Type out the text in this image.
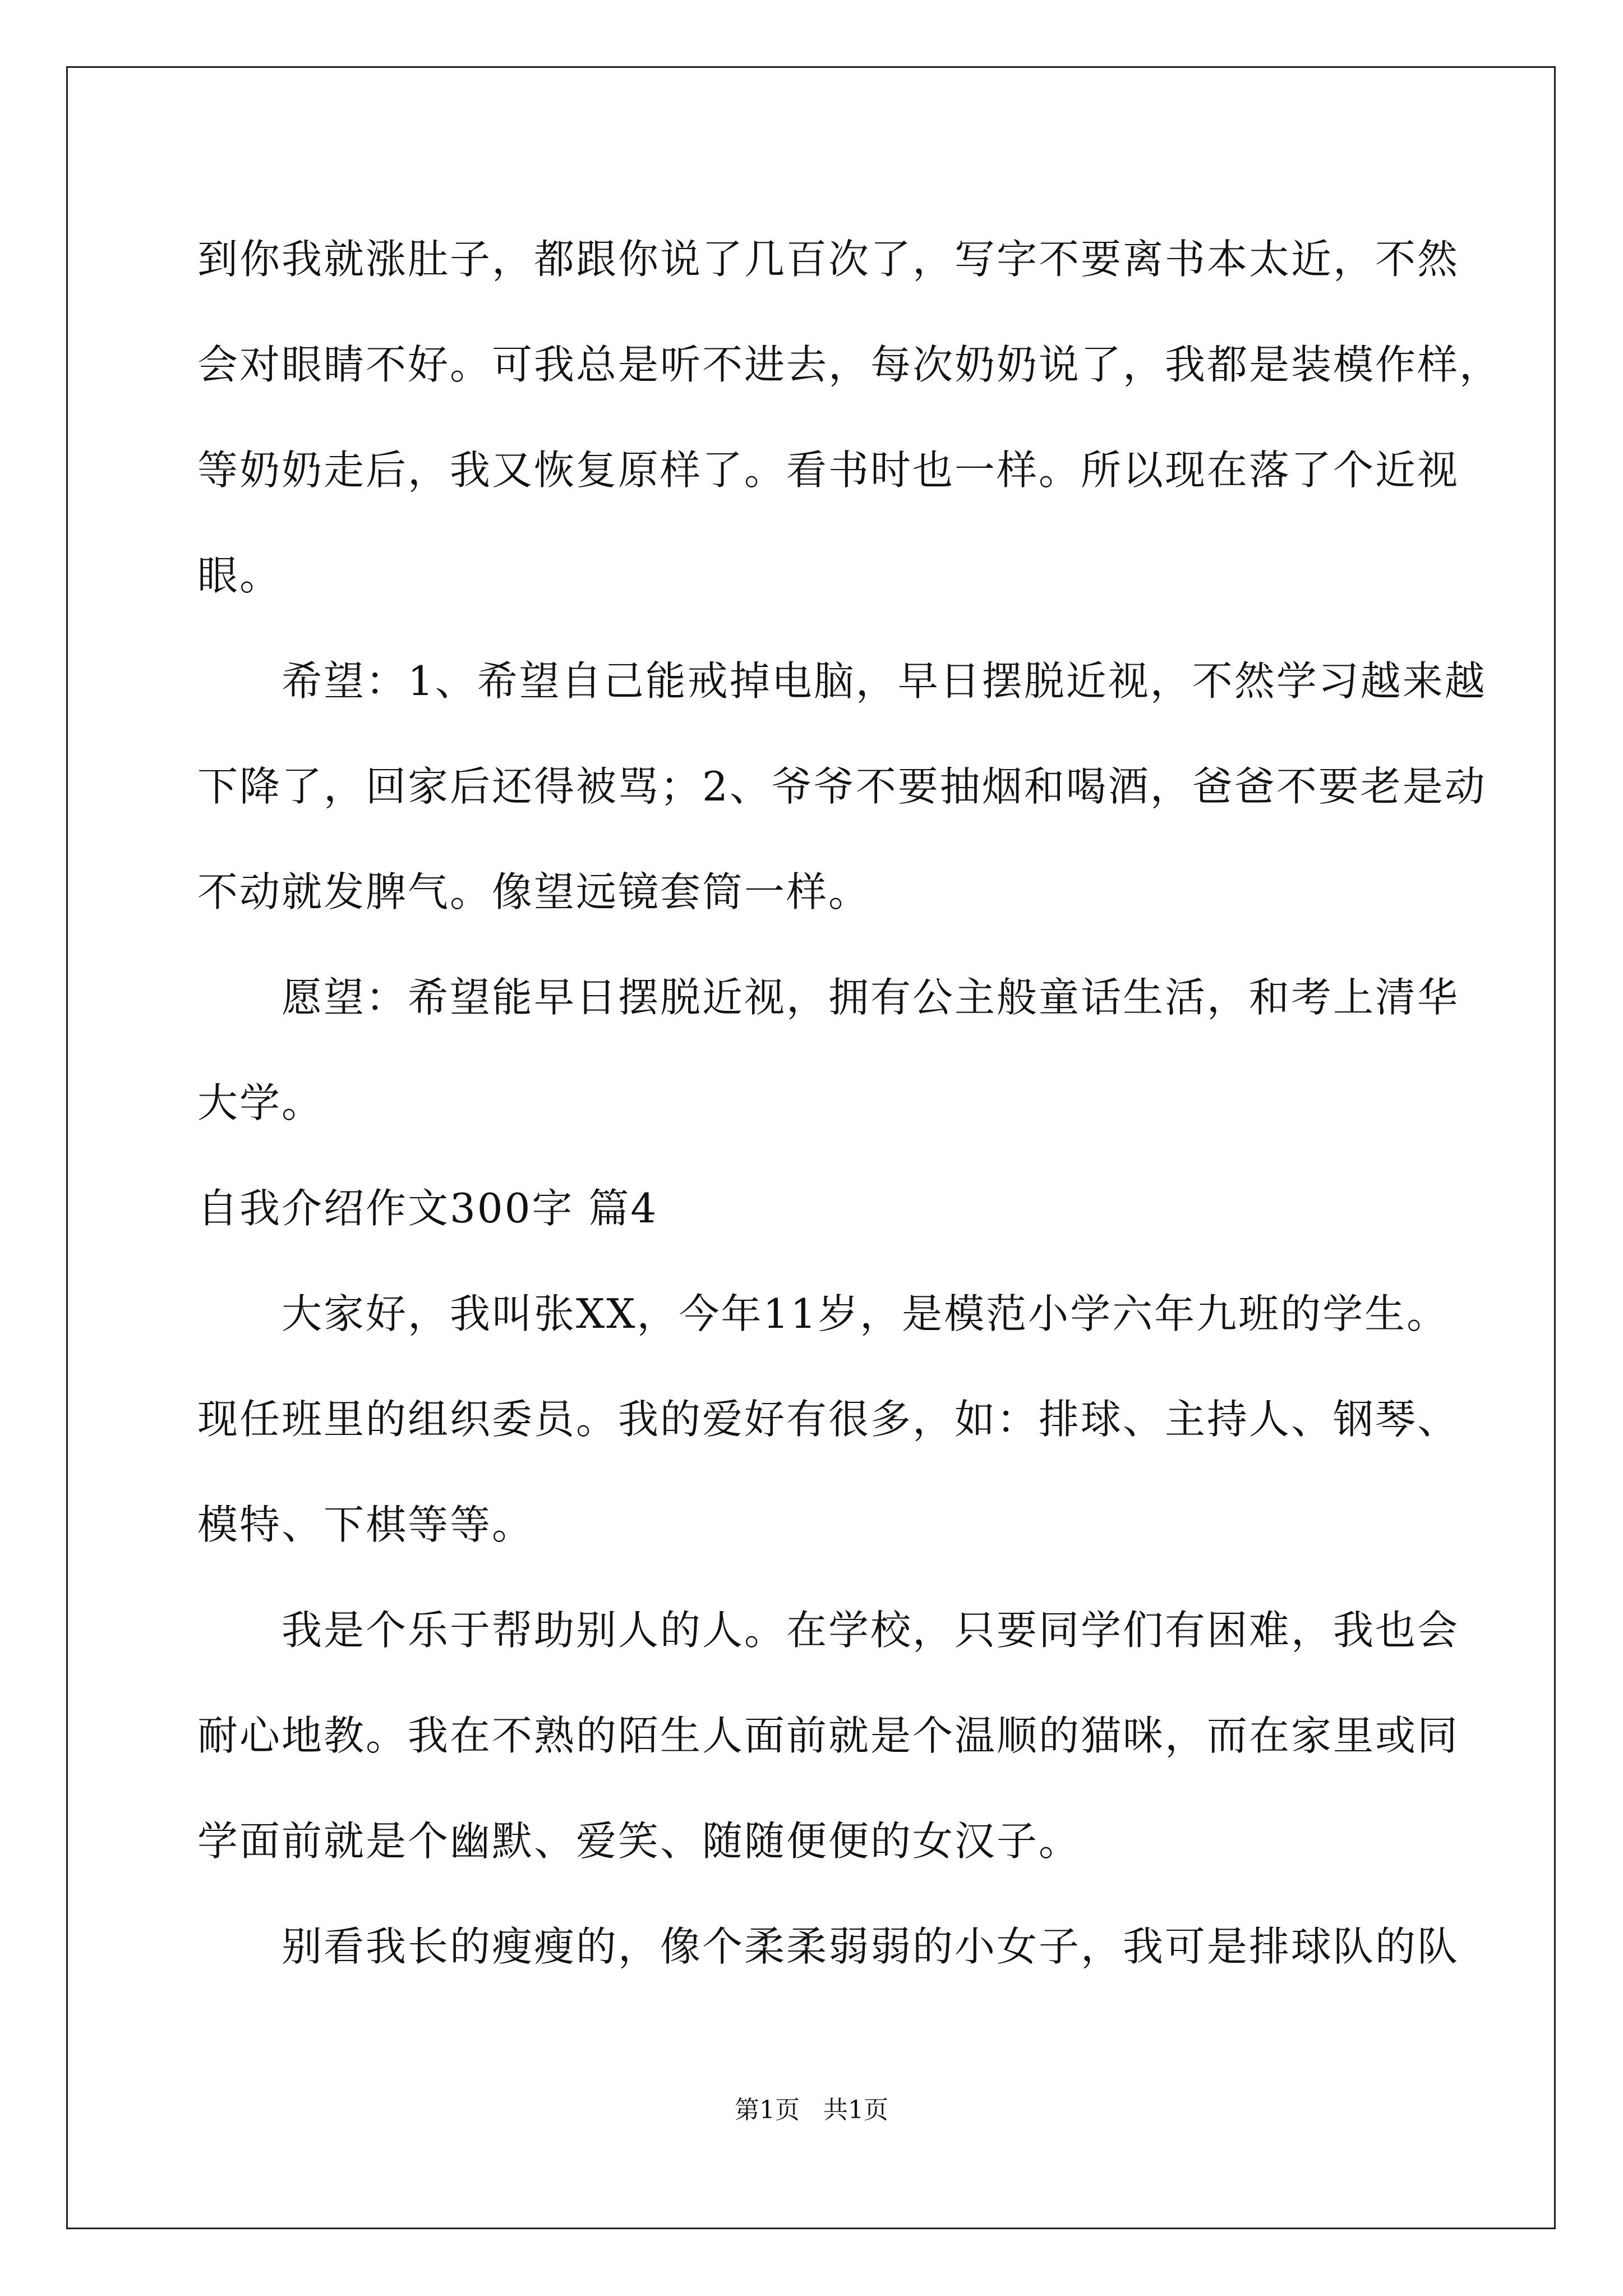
到你我就涨肚子，都跟你说了几百次了，写字不要离书本太近，不然
会对眼睛不好。可我总是听不进去，每次奶奶说了，我都是装模作样，
等奶奶走后，我又恢复原样了。看书时也一样。所以现在落了个近视
眼。
希望：1、希望自己能戒掉电脑，早日摆脱近视，不然学习越来越
下降了，回家后还得被骂；2、爷爷不要抽烟和喝酒，爸爸不要老是动
不动就发脾气。像望远镜套筒一样。
愿望：希望能早日摆脱近视，拥有公主般童话生活，和考上清华
大学。
自我介绍作文300字 篇4
大家好，我叫张XX，今年11岁，是模范小学六年九班的学生。
现任班里的组织委员。我的爱好有很多，如：排球、主持人、钢琴、
模特、下棋等等。
我是个乐于帮助别人的人。在学校，只要同学们有困难，我也会
耐心地教。我在不熟的陌生人面前就是个温顺的猫咪，而在家里或同
学面前就是个幽默、爱笑、随随便便的女汉子。
别看我长的瘦瘦的，像个柔柔弱弱的小女子，我可是排球队的队
第1页   共1页
